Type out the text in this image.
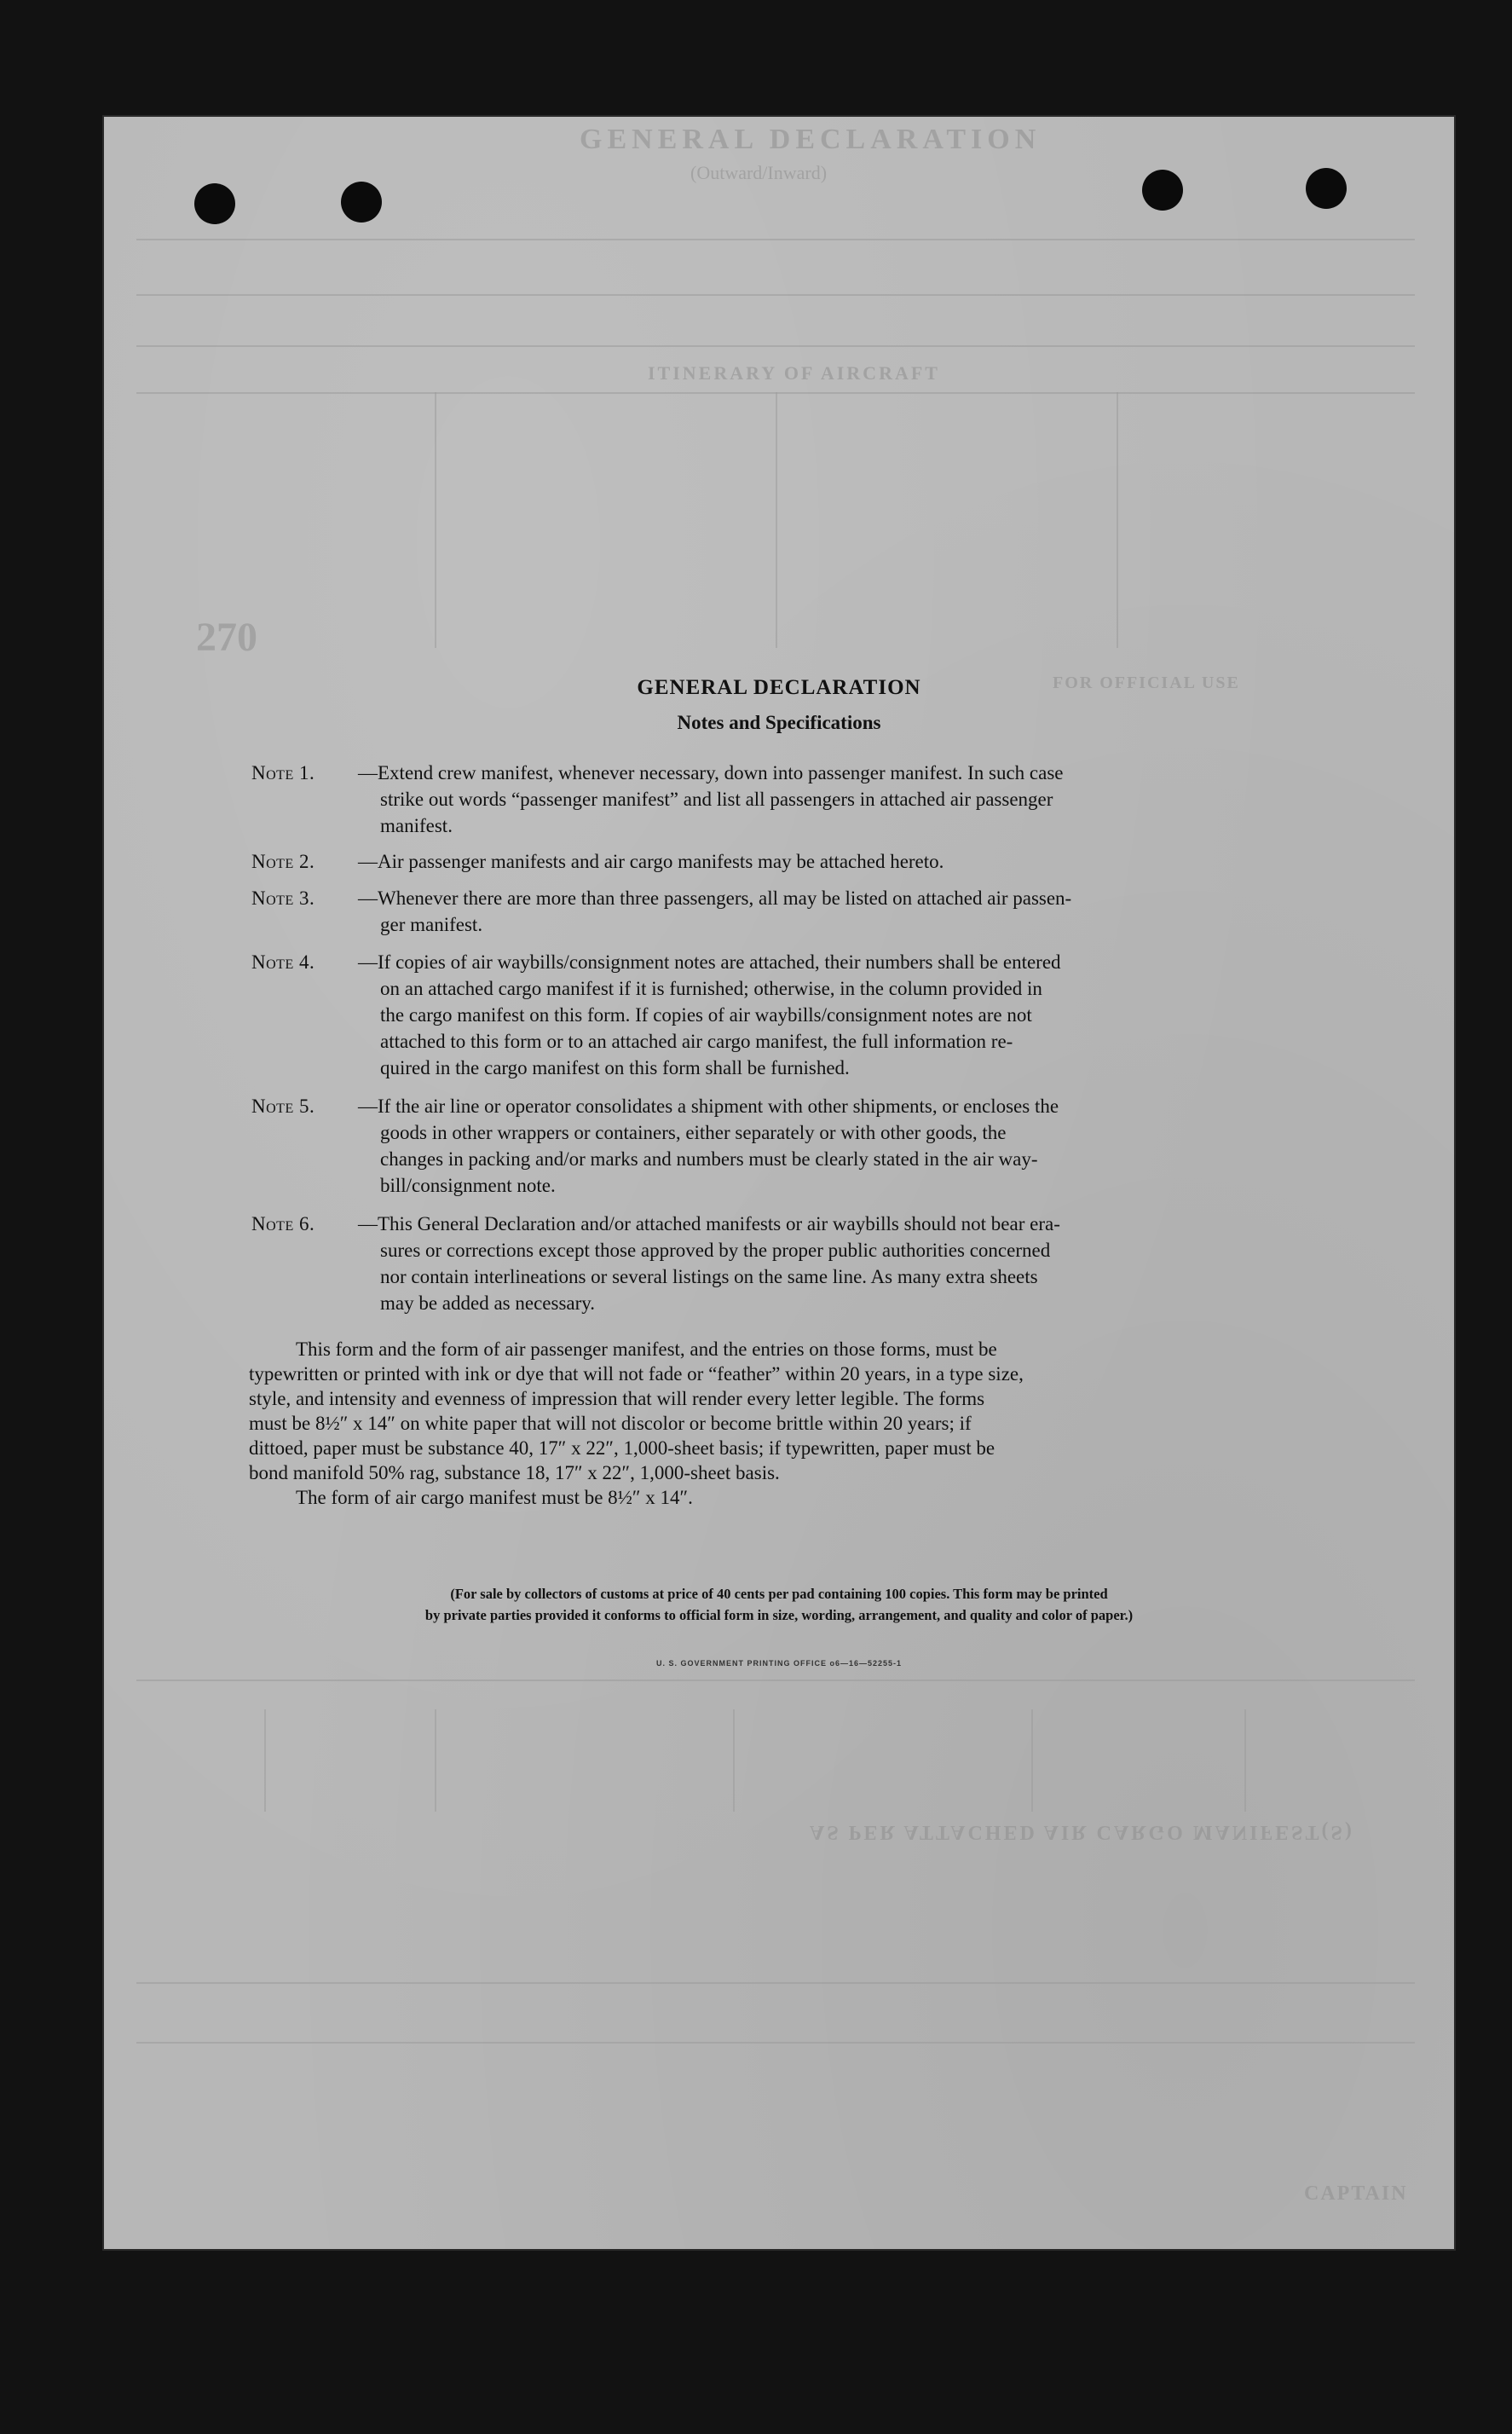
GENERAL DECLARATION
(Outward/Inward)
ITINERARY OF AIRCRAFT
270
FOR OFFICIAL USE
AS PER ATTACHED AIR CARGO MANIFEST(S)
CAPTAIN
GENERAL DECLARATION
Notes and Specifications
Note 1.	—Extend crew manifest, whenever necessary, down into passenger manifest. In such case
strike out words “passenger manifest” and list all passengers in attached air passenger
manifest.
Note 2.	—Air passenger manifests and air cargo manifests may be attached hereto.
Note 3.	—Whenever there are more than three passengers, all may be listed on attached air passen-
ger manifest.
Note 4.	—If copies of air waybills/consignment notes are attached, their numbers shall be entered
on an attached cargo manifest if it is furnished; otherwise, in the column provided in
the cargo manifest on this form. If copies of air waybills/consignment notes are not
attached to this form or to an attached air cargo manifest, the full information re-
quired in the cargo manifest on this form shall be furnished.
Note 5.	—If the air line or operator consolidates a shipment with other shipments, or encloses the
goods in other wrappers or containers, either separately or with other goods, the
changes in packing and/or marks and numbers must be clearly stated in the air way-
bill/consignment note.
Note 6.	—This General Declaration and/or attached manifests or air waybills should not bear era-
sures or corrections except those approved by the proper public authorities concerned
nor contain interlineations or several listings on the same line. As many extra sheets
may be added as necessary.
This form and the form of air passenger manifest, and the entries on those forms, must be
typewritten or printed with ink or dye that will not fade or “feather” within 20 years, in a type size,
style, and intensity and evenness of impression that will render every letter legible. The forms
must be 8½″ x 14″ on white paper that will not discolor or become brittle within 20 years; if
dittoed, paper must be substance 40, 17″ x 22″, 1,000-sheet basis; if typewritten, paper must be
bond manifold 50% rag, substance 18, 17″ x 22″, 1,000-sheet basis.
The form of air cargo manifest must be 8½″ x 14″.
(For sale by collectors of customs at price of 40 cents per pad containing 100 copies. This form may be printed
by private parties provided it conforms to official form in size, wording, arrangement, and quality and color of paper.)
U. S. GOVERNMENT PRINTING OFFICE o6—16—52255-1
